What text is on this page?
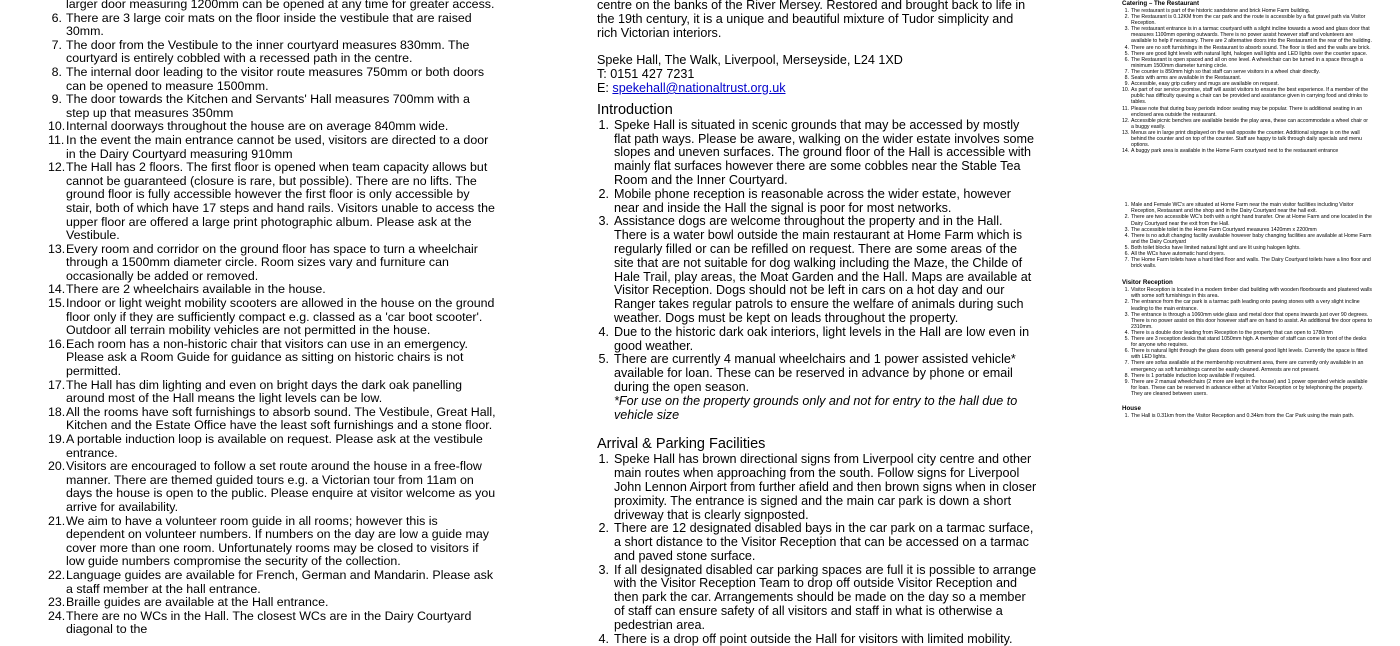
larger door measuring 1200mm can be opened at any time for greater access.

6. There are 3 large coir mats on the floor inside the vestibule that are raised 30mm.
7. The door from the Vestibule to the inner courtyard measures 830mm. The courtyard is entirely cobbled with a recessed path in the centre.
8. The internal door leading to the visitor route measures 750mm or both doors can be opened to measure 1500mm.
9. The door towards the Kitchen and Servants' Hall measures 700mm with a step up that measures 350mm
10. Internal doorways throughout the house are on average 840mm wide.
11. In the event the main entrance cannot be used, visitors are directed to a door in the Dairy Courtyard measuring 910mm
12. The Hall has 2 floors. The first floor is opened when team capacity allows but cannot be guaranteed (closure is rare, but possible). There are no lifts. The ground floor is fully accessible however the first floor is only accessible by stair, both of which have 17 steps and hand rails. Visitors unable to access the upper floor are offered a large print photographic album. Please ask at the Vestibule.
13. Every room and corridor on the ground floor has space to turn a wheelchair through a 1500mm diameter circle. Room sizes vary and furniture can occasionally be added or removed.
14. There are 2 wheelchairs available in the house.
15. Indoor or light weight mobility scooters are allowed in the house on the ground floor only if they are sufficiently compact e.g. classed as a 'car boot scooter'. Outdoor all terrain mobility vehicles are not permitted in the house.
16. Each room has a non-historic chair that visitors can use in an emergency. Please ask a Room Guide for guidance as sitting on historic chairs is not permitted.
17. The Hall has dim lighting and even on bright days the dark oak panelling around most of the Hall means the light levels can be low.
18. All the rooms have soft furnishings to absorb sound. The Vestibule, Great Hall, Kitchen and the Estate Office have the least soft furnishings and a stone floor.
19. A portable induction loop is available on request. Please ask at the vestibule entrance.
20. Visitors are encouraged to follow a set route around the house in a free-flow manner. There are themed guided tours e.g. a Victorian tour from 11am on days the house is open to the public. Please enquire at visitor welcome as you arrive for availability.
21. We aim to have a volunteer room guide in all rooms; however this is dependent on volunteer numbers. If numbers on the day are low a guide may cover more than one room. Unfortunately rooms may be closed to visitors if low guide numbers compromise the security of the collection.
22. Language guides are available for French, German and Mandarin. Please ask a staff member at the hall entrance.
23. Braille guides are available at the Hall entrance.
24. There are no WCs in the Hall. The closest WCs are in the Dairy Courtyard diagonal to the

centre on the banks of the River Mersey. Restored and brought back to life in the 19th century, it is a unique and beautiful mixture of Tudor simplicity and rich Victorian interiors.

Speke Hall, The Walk, Liverpool, Merseyside, L24 1XD

T: 0151 427 7231

E: spekehall@nationaltrust.org.uk

Introduction

1. Speke Hall is situated in scenic grounds that may be accessed by mostly flat path ways. Please be aware, walking on the wider estate involves some slopes and uneven surfaces. The ground floor of the Hall is accessible with mainly flat surfaces however there are some cobbles near the Stable Tea Room and the Inner Courtyard.
2. Mobile phone reception is reasonable across the wider estate, however near and inside the Hall the signal is poor for most networks.
3. Assistance dogs are welcome throughout the property and in the Hall. There is a water bowl outside the main restaurant at Home Farm which is regularly filled or can be refilled on request. There are some areas of the site that are not suitable for dog walking including the Maze, the Childe of Hale Trail, play areas, the Moat Garden and the Hall. Maps are available at Visitor Reception. Dogs should not be left in cars on a hot day and our Ranger takes regular patrols to ensure the welfare of animals during such weather. Dogs must be kept on leads throughout the property.
4. Due to the historic dark oak interiors, light levels in the Hall are low even in good weather.
5. There are currently 4 manual wheelchairs and 1 power assisted vehicle* available for loan. These can be reserved in advance by phone or email during the open season.

*For use on the property grounds only and not for entry to the hall due to vehicle size

Arrival & Parking Facilities

1. Speke Hall has brown directional signs from Liverpool city centre and other main routes when approaching from the south. Follow signs for Liverpool John Lennon Airport from further afield and then brown signs when in closer proximity. The entrance is signed and the main car park is down a short driveway that is clearly signposted.
2. There are 12 designated disabled bays in the car park on a tarmac surface, a short distance to the Visitor Reception that can be accessed on a tarmac and paved stone surface.
3. If all designated disabled car parking spaces are full it is possible to arrange with the Visitor Reception Team to drop off outside Visitor Reception and then park the car. Arrangements should be made on the day so a member of staff can ensure safety of all visitors and staff in what is otherwise a pedestrian area.
4. There is a drop off point outside the Hall for visitors with limited mobility.

Catering – The Restaurant

1. The restaurant is part of the historic sandstone and brick Home Farm building.
2. The Restaurant is 0.12KM from the car park and the route is accessible by a flat gravel path via Visitor Reception.
3. The restaurant entrance is in a tarmac courtyard with a slight incline towards a wood and glass door that measures 1100mm opening outwards. There is no power assist however staff and volunteers are available to help if necessary. There are 2 alternative doors into the Restaurant in the rear of the building.
4. There are no soft furnishings in the Restaurant to absorb sound. The floor is tiled and the walls are brick.
5. There are good light levels with natural light, halogen wall lights and LED lights over the counter space.
6. The Restaurant is open spaced and all on one level. A wheelchair can be turned in a space through a minimum 1500mm diameter turning circle.
7. The counter is 850mm high so that staff can serve visitors in a wheel chair directly.
8. Seats with arms are available in the Restaurant.
9. Accessible, easy grip cutlery and mugs are available on request.
10. As part of our service promise, staff will assist visitors to ensure the best experience. If a member of the public has difficulty queuing a chair can be provided and assistance given in carrying food and drinks to tables.
11. Please note that during busy periods indoor seating may be popular. There is additional seating in an enclosed area outside the restaurant.
12. Accessible picnic benches are available beside the play area, these can accommodate a wheel chair or a buggy easily.
13. Menus are in large print displayed on the wall opposite the counter. Additional signage is on the wall behind the counter and on top of the counter. Staff are happy to talk through daily specials and menu options.
14. A buggy park area is available in the Home Farm courtyard next to the restaurant entrance
1. Male and Female WC's are situated at Home Farm near the main visitor facilities including Visitor Reception, Restaurant and the shop and in the Dairy Courtyard near the hall exit.
2. There are two accessible WC's both with a right hand transfer. One at Home Farm and one located in the Dairy Courtyard near the exit from the Hall.
3. The accessible toilet in the Home Farm Courtyard measures 1420mm x 2200mm
4. There is no adult changing facility available however baby changing facilities are available at Home Farm and the Dairy Courtyard
5. Both toilet blocks have limited natural light and are lit using halogen lights.
6. All the WCs have automatic hand dryers.
7. The Home Farm toilets have a hard tiled floor and walls. The Dairy Courtyard toilets have a lino floor and brick walls.

Visitor Reception

1. Visitor Reception is located in a modern timber clad building with wooden floorboards and plastered walls with some soft furnishings in this area.
2. The entrance from the car park is a tarmac path leading onto paving stones with a very slight incline leading to the main entrance.
3. The entrance is through a 1060mm wide glass and metal door that opens inwards just over 90 degrees. There is no power assist on this door however staff are on hand to assist. An additional fire door opens to 2310mm.
4. There is a double door leading from Reception to the property that can open to 1780mm
5. There are 3 reception desks that stand 1050mm high. A member of staff can come in front of the desks for anyone who requires.
6. There is natural light through the glass doors with general good light levels. Currently the space is fitted with LED lights.
7. There are sofas available at the membership recruitment area, there are currently only available in an emergency as soft furnishings cannot be easily cleaned. Armrests are not present.
8. There is 1 portable induction loop available if required.
9. There are 2 manual wheelchairs (2 more are kept in the house) and 1 power operated vehicle available for loan. These can be reserved in advance either at Visitor Reception or by telephoning the property. They are cleaned between users.

House

1. The Hall is 0.31km from the Visitor Reception and 0.34km from the Car Park using the main path.
